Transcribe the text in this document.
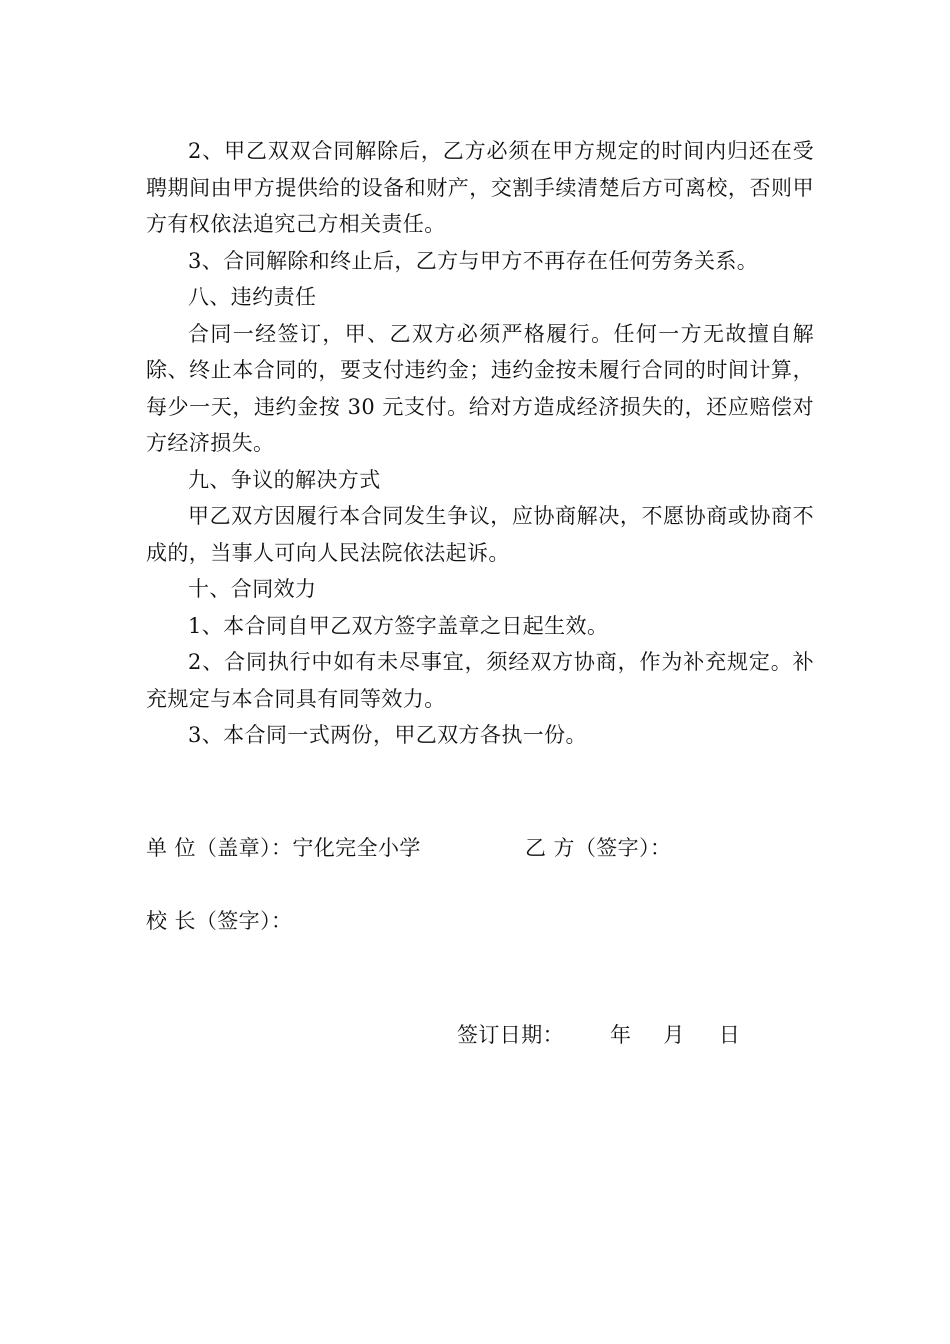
2、甲乙双双合同解除后，乙方必须在甲方规定的时间内归还在受聘期间由甲方提供给的设备和财产，交割手续清楚后方可离校，否则甲方有权依法追究己方相关责任。

3、合同解除和终止后，乙方与甲方不再存在任何劳务关系。

八、违约责任

合同一经签订，甲、乙双方必须严格履行。任何一方无故擅自解除、终止本合同的，要支付违约金；违约金按未履行合同的时间计算，每少一天，违约金按 30 元支付。给对方造成经济损失的，还应赔偿对方经济损失。

九、争议的解决方式

甲乙双方因履行本合同发生争议，应协商解决，不愿协商或协商不成的，当事人可向人民法院依法起诉。

十、合同效力

1、本合同自甲乙双方签字盖章之日起生效。

2、合同执行中如有未尽事宜，须经双方协商，作为补充规定。补充规定与本合同具有同等效力。

3、本合同一式两份，甲乙双方各执一份。

单 位（盖章）：宁化完全小学	乙 方（签字）：
校 长（签字）：
签订日期： 年 月 日
